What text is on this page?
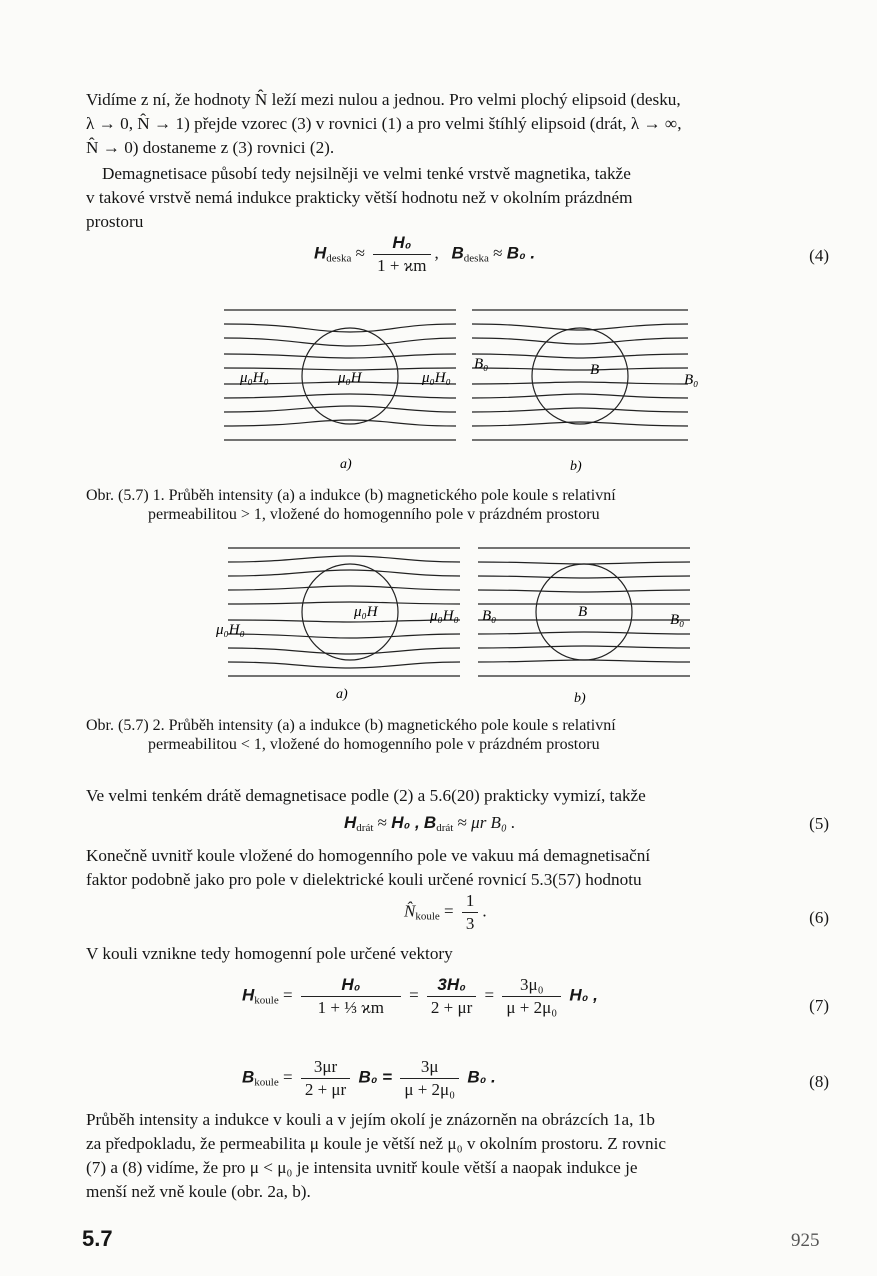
Vidíme z ní, že hodnoty N̂ leží mezi nulou a jednou. Pro velmi plochý elipsoid (desku,
λ → 0, N̂ → 1) přejde vzorec (3) v rovnici (1) a pro velmi štíhlý elipsoid (drát, λ → ∞,
N̂ → 0) dostaneme z (3) rovnici (2).

Demagnetisace působí tedy nejsilněji ve velmi tenké vrstvě magnetika, takže
v takové vrstvě nemá indukce prakticky větší hodnotu než v okolním prázdném
prostoru

$H_{deska} \approx \frac{\text{H₀}}{1 + ϰm}$ ,   $B_{deska} \approx B_0$ .	(4)
μ₀H₀	μ₀H	μ₀H₀
B₀	B
B₀
a)	b)
Obr. (5.7) 1. Průběh intensity (a) a indukce (b) magnetického pole koule s relativní
permeabilitou > 1, vložené do homogenního pole v prázdném prostoru
μ₀H₀
μ₀H	μ₀H₀ B₀	B	B₀
a)	b)
Obr. (5.7) 2. Průběh intensity (a) a indukce (b) magnetického pole koule s relativní
permeabilitou < 1, vložené do homogenního pole v prázdném prostoru

Ve velmi tenkém drátě demagnetisace podle (2) a 5.6(20) prakticky vymizí, takže

$H_{drát} \approx H_0$ , $B_{drát} \approx \mu r$ B₀ .	(5)

Konečně uvnitř koule vložené do homogenního pole ve vakuu má demagnetisační
faktor podobně jako pro pole v dielektrické kouli určené rovnicí 5.3(57) hodnotu

$N̂_{koule} = \frac{1}{3}$ .	(6)

V kouli vznikne tedy homogenní pole určené vektory

$H_{koule} = \frac{\text{H₀}}{\text{1 + ⅓ ϰm}} = \frac{\text{3H₀}}{2 + \mu r} = \frac{\text{3μ₀}}{\text{μ + 2μ₀}} H_0$ ,
(7)
$B_{koule} = \frac{3\mu r}{2 + \mu r} B_0 = \frac{3\mu}{\text{μ + 2μ₀}} B_0$ .	(8)

Průběh intensity a indukce v kouli a v jejím okolí je znázorněn na obrázcích 1a, 1b
za předpokladu, že permeabilita μ koule je větší než μ₀ v okolním prostoru. Z rovnic
(7) a (8) vidíme, že pro μ < μ₀ je intensita uvnitř koule větší a naopak indukce je
menší než vně koule (obr. 2a, b).

5.7	925
